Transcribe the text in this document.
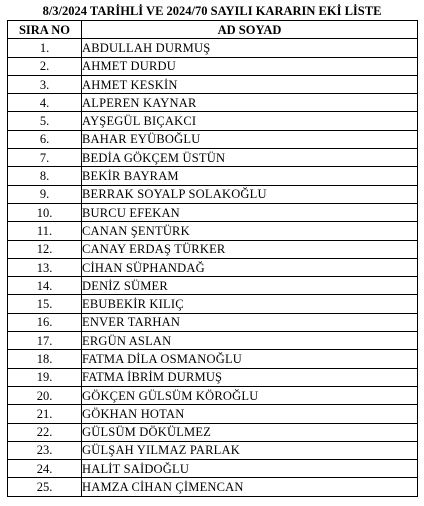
8/3/2024 TARİHLİ VE 2024/70 SAYILI KARARIN EKİ LİSTE
SIRA NO	AD SOYAD
1.	ABDULLAH DURMUŞ
2.	AHMET DURDU
3.	AHMET KESKİN
4.	ALPEREN KAYNAR
5.	AYŞEGÜL BIÇAKCI
6.	BAHAR EYÜBOĞLU
7.	BEDİA GÖKÇEM ÜSTÜN
8.	BEKİR BAYRAM
9.	BERRAK SOYALP SOLAKOĞLU
10.	BURCU EFEKAN
11.	CANAN ŞENTÜRK
12.	CANAY ERDAŞ TÜRKER
13.	CİHAN SÜPHANDAĞ
14.	DENİZ SÜMER
15.	EBUBEKİR KILIÇ
16.	ENVER TARHAN
17.	ERGÜN ASLAN
18.	FATMA DİLA OSMANOĞLU
19.	FATMA İBRİM DURMUŞ
20.	GÖKÇEN GÜLSÜM KÖROĞLU
21.	GÖKHAN HOTAN
22.	GÜLSÜM DÖKÜLMEZ
23.	GÜLŞAH YILMAZ PARLAK
24.	HALİT SAİDOĞLU
25.	HAMZA CİHAN ÇİMENCAN
